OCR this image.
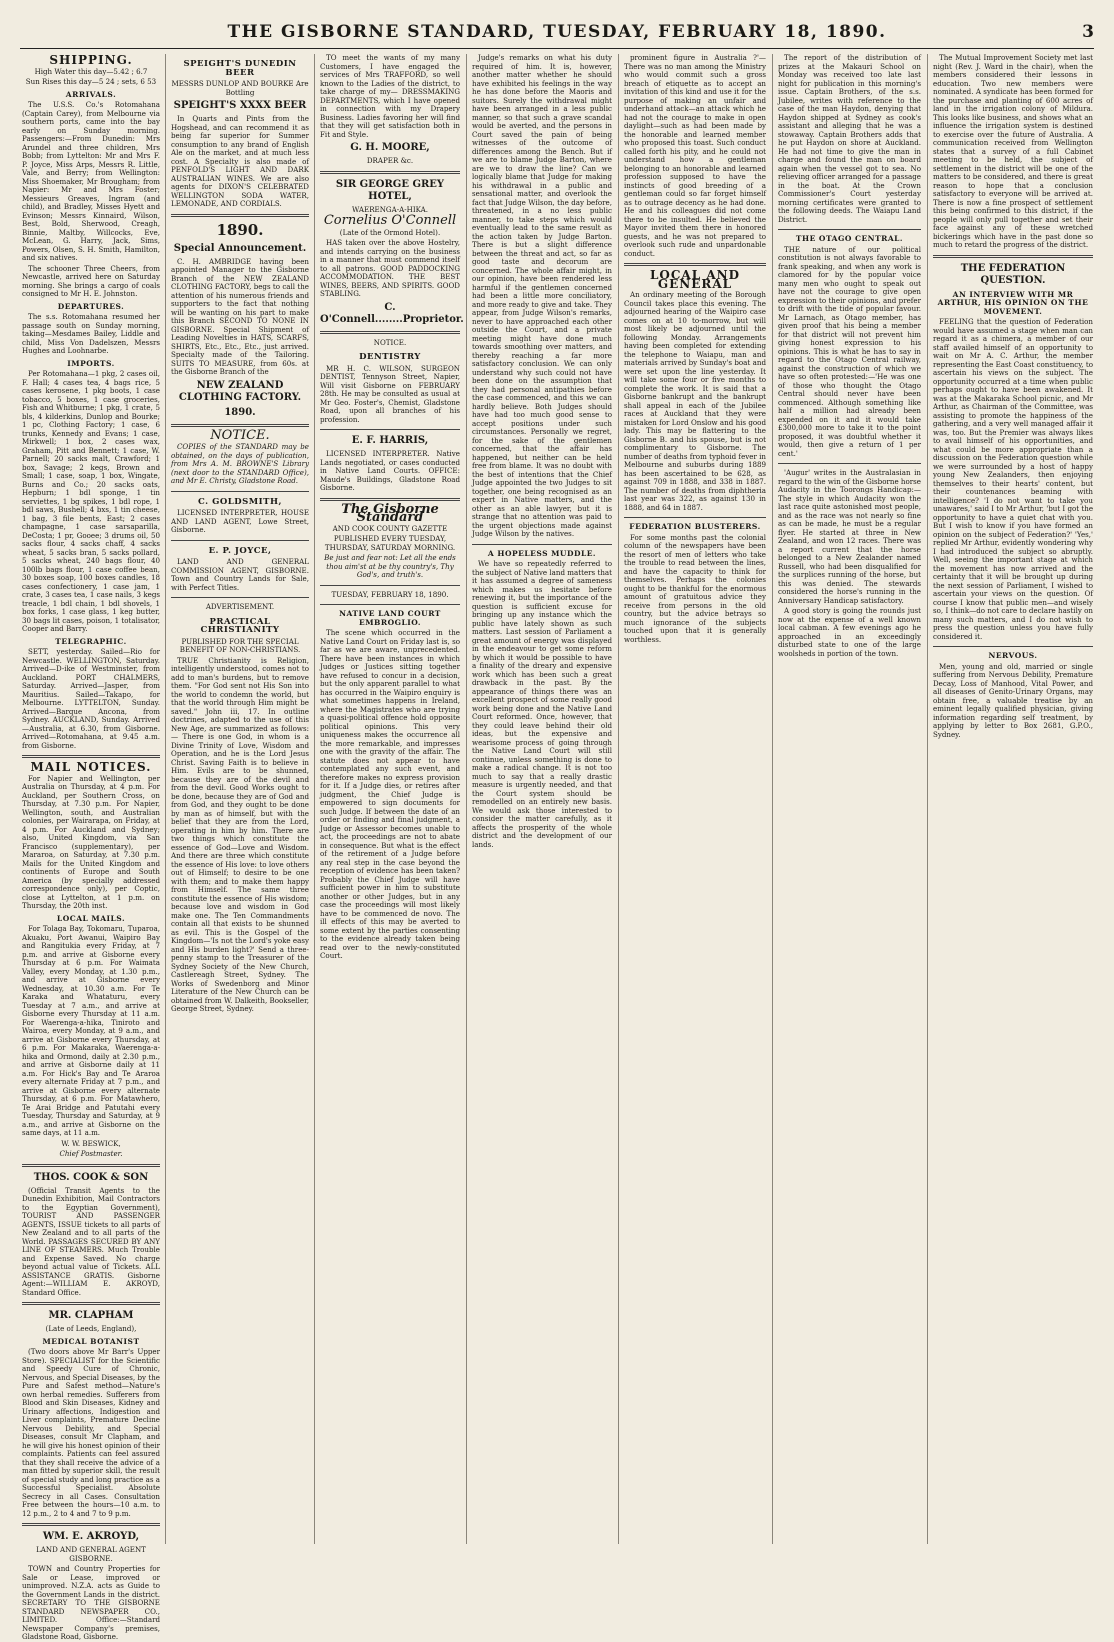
THE GISBORNE STANDARD, TUESDAY, FEBRUARY 18, 1890.	3
SHIPPING.

High Water this day—5.42 ; 6.7

Sun Rises this day—5 24 ; sets, 6 53

ARRIVALS.

The U.S.S. Co.'s Rotomahana (Captain Carey), from Melbourne via southern ports, came into the bay early on Sunday morning. Passengers:—From Dunedin: Mrs Arundel and three children, Mrs Bobb; from Lyttelton: Mr and Mrs F. P. Joyce, Miss Arps, Messrs R. Little, Vale, and Berry; from Wellington: Miss Shoemaker, Mr Brougham; from Napier: Mr and Mrs Foster; Messieurs Greaves, Ingram (and child), and Bradley, Misses Hyett and Evinson; Messrs Kinnaird, Wilson, Best, Bold, Sherwood, Creagh, Binnie, Maltby, Willcocks, Eve, McLean, G. Harry, Jack, Sims, Powers, Olsen, S. H. Smith, Hamilton, and six natives.

The schooner Three Cheers, from Newcastle, arrived here on Saturday morning. She brings a cargo of coals consigned to Mr H. E. Johnston.

DEPARTURES.

The s.s. Rotomahana resumed her passage south on Sunday morning, taking—Mesdames Bailey, Liddle and child, Miss Von Dadelszen, Messrs Hughes and Loohnarbe.

IMPORTS.

Per Rotomahana—1 pkg, 2 cases oil, F. Hall; 4 cases tea, 4 bags rice, 5 cases kerosene, 1 pkg boots, 1 case tobacco, 5 boxes, 1 case groceries, Fish and Whitburne; 1 pkg, 1 crate, 5 bls, 4 kilderkins, Dunlop and Bourke; 1 pc, Clothing Factory; 1 case, 6 trunks, Kennedy and Evans; 1 case, Mirkwell; 1 box, 2 cases wax, Graham, Pitt and Bennett; 1 case, W. Parnell; 20 sacks malt, Crawford; 1 box, Savage; 2 kegs, Brown and Small; 1 case, soap, 1 box, Wingate, Burns and Co.; 20 sacks oats, Hepburn; 1 bdl sponge, 1 tin serviettes, 1 bg spikes, 1 bdl rope, 1 bdl saws, Bushell; 4 bxs, 1 tin cheese, 1 bag, 3 file bents, East; 2 cases champagne, 1 case sarsaparilla, DeCosta; 1 pr, Gooee; 3 drums oil, 50 sacks flour, 4 sacks chaff, 4 sacks wheat, 5 sacks bran, 5 sacks pollard, 5 sacks wheat, 240 bags flour, 40 100lb bags flour, 1 case coffee bean, 30 boxes soap, 100 boxes candles, 18 cases confectionery, 1 case jam, 1 crate, 3 cases tea, 1 case nails, 3 kegs treacle, 1 bdl chain, 1 bdl shovels, 1 box forks, 1 case glass, 1 keg butter, 30 bags lit cases, poison, 1 totalisator, Cooper and Barry.

TELEGRAPHIC.

SETT, yesterday. Sailed—Rio for Newcastle. WELLINGTON, Saturday. Arrived—D-ike of Westminster, from Auckland. PORT CHALMERS, Saturday. Arrived—Jasper, from Mauritius. Sailed—Takapo, for Melbourne. LYTTELTON, Sunday. Arrived—Barque Ancona, from Sydney. AUCKLAND, Sunday. Arrived—Australia, at 6.30, from Gisborne. Arrived—Rotomahana, at 9.45 a.m. from Gisborne.

MAIL NOTICES.

For Napier and Wellington, per Australia on Thursday, at 4 p.m. For Auckland, per Southern Cross, on Thursday, at 7.30 p.m. For Napier, Wellington, south, and Australian colonies, per Wairarapa, on Friday, at 4 p.m. For Auckland and Sydney; also, United Kingdom, via San Francisco (supplementary), per Mararoa, on Saturday, at 7.30 p.m. Mails for the United Kingdom and continents of Europe and South America (by specially addressed correspondence only), per Coptic, close at Lyttelton, at 1 p.m. on Thursday, the 20th inst.

LOCAL MAILS.

For Tolaga Bay, Tokomaru, Tuparoa, Akuaku, Port Awanui, Waipiro Bay and Rangitukia every Friday, at 7 p.m. and arrive at Gisborne every Thursday at 6 p.m. For Waimata Valley, every Monday, at 1.30 p.m., and arrive at Gisborne every Wednesday, at 10.30 a.m. For Te Karaka and Whataturu, every Tuesday at 7 a.m., and arrive at Gisborne every Thursday at 11 a.m. For Waerenga-a-hika, Tiniroto and Wairoa, every Monday, at 9 a.m., and arrive at Gisborne every Thursday, at 6 p.m. For Makaraka, Waerenga-a-hika and Ormond, daily at 2.30 p.m., and arrive at Gisborne daily at 11 a.m. For Hick's Bay and Te Araroa every alternate Friday at 7 p.m., and arrive at Gisborne every alternate Thursday, at 6 p.m. For Matawhero, Te Arai Bridge and Patutahi every Tuesday, Thursday and Saturday, at 9 a.m., and arrive at Gisborne on the same days, at 11 a.m.

W. W. BESWICK,

Chief Postmaster.

THOS. COOK & SON

(Official Transit Agents to the Dunedin Exhibition, Mail Contractors to the Egyptian Government), TOURIST AND PASSENGER AGENTS, ISSUE tickets to all parts of New Zealand and to all parts of the World. PASSAGES SECURED BY ANY LINE OF STEAMERS. Much Trouble and Expense Saved. No charge beyond actual value of Tickets. ALL ASSISTANCE GRATIS. Gisborne Agent:—WILLIAM E. AKROYD, Standard Office.

MR. CLAPHAM

(Late of Leeds, England),

MEDICAL BOTANIST

(Two doors above Mr Barr's Upper Store). SPECIALIST for the Scientific and Speedy Cure of Chronic, Nervous, and Special Diseases, by the Pure and Safest method—Nature's own herbal remedies. Sufferers from Blood and Skin Diseases, Kidney and Urinary affections, Indigestion and Liver complaints, Premature Decline Nervous Debility, and Special Diseases, consult Mr Clapham, and he will give his honest opinion of their complaints. Patients can feel assured that they shall receive the advice of a man fitted by superior skill, the result of special study and long practice as a Successful Specialist. Absolute Secrecy in all Cases. Consultation Free between the hours—10 a.m. to 12 p.m., 2 to 4 and 7 to 9 p.m.

WM. E. AKROYD,

LAND AND GENERAL AGENT GISBORNE.

TOWN and Country Properties for Sale or Lease, improved or unimproved. N.Z.A. acts as Guide to the Government Lands in the district. SECRETARY TO THE GISBORNE STANDARD NEWSPAPER CO., LIMITED. Office:—Standard Newspaper Company's premises, Gladstone Road, Gisborne.

SPEIGHT'S DUNEDIN BEER

MESSRS DUNLOP AND BOURKE Are Bottling

SPEIGHT'S XXXX BEER

In Quarts and Pints from the Hogshead, and can recommend it as being far superior for Summer consumption to any brand of English Ale on the market, and at much less cost. A Specialty is also made of PENFOLD'S LIGHT AND DARK AUSTRALIAN WINES. We are also agents for DIXON'S CELEBRATED WELLINGTON SODA WATER, LEMONADE, AND CORDIALS.

1890.
Special Announcement.

C. H. AMBRIDGE having been appointed Manager to the Gisborne Branch of the NEW ZEALAND CLOTHING FACTORY, begs to call the attention of his numerous friends and supporters to the fact that nothing will be wanting on his part to make this Branch SECOND TO NONE IN GISBORNE. Special Shipment of Leading Novelties in HATS, SCARFS, SHIRTS, Etc., Etc., Etc., just arrived. Specialty made of the Tailoring. SUITS TO MEASURE, from 60s. at the Gisborne Branch of the

NEW ZEALAND CLOTHING FACTORY.
1890.
NOTICE.

COPIES of the STANDARD may be obtained, on the days of publication, from Mrs A. M. BROWNE'S Library (next door to the STANDARD Office), and Mr E. Christy, Gladstone Road.

C. GOLDSMITH,

LICENSED INTERPRETER, HOUSE AND LAND AGENT, Lowe Street, Gisborne.

E. P. JOYCE,

LAND AND GENERAL COMMISSION AGENT, GISBORNE. Town and Country Lands for Sale, with Perfect Titles.

ADVERTISEMENT.

PRACTICAL CHRISTIANITY

PUBLISHED FOR THE SPECIAL BENEFIT OF NON-CHRISTIANS.

TRUE Christianity is Religion, intelligently understood, comes not to add to man's burdens, but to remove them. "For God sent not His Son into the world to condemn the world, but that the world through Him might be saved." John iii, 17. In outline doctrines, adapted to the use of this New Age, are summarized as follows:— There is one God, in whom is a Divine Trinity of Love, Wisdom and Operation, and he is the Lord Jesus Christ. Saving Faith is to believe in Him. Evils are to be shunned, because they are of the devil and from the devil. Good Works ought to be done, because they are of God and from God, and they ought to be done by man as of himself, but with the belief that they are from the Lord, operating in him by him. There are two things which constitute the essence of God—Love and Wisdom. And there are three which constitute the essence of His love: to love others out of Himself; to desire to be one with them; and to make them happy from Himself. The same three constitute the essence of His wisdom; because love and wisdom in God make one. The Ten Commandments contain all that exists to be shunned as evil. This is the Gospel of the Kingdom—'Is not the Lord's yoke easy and His burden light?' Send a three-penny stamp to the Treasurer of the Sydney Society of the New Church, Castlereagh Street, Sydney. The Works of Swedenborg and Minor Literature of the New Church can be obtained from W. Dalkeith, Bookseller, George Street, Sydney.

TO meet the wants of my many Customers, I have engaged the services of Mrs TRAFFORD, so well known to the Ladies of the district, to take charge of my— DRESSMAKING DEPARTMENTS, which I have opened in connection with my Drapery Business. Ladies favoring her will find that they will get satisfaction both in Fit and Style.

G. H. MOORE,

DRAPER &c.

SIR GEORGE GREY HOTEL,

WAERENGA-A-HIKA.

Cornelius O'Connell

(Late of the Ormond Hotel).

HAS taken over the above Hostelry, and intends carrying on the business in a manner that must commend itself to all patrons. GOOD PADDOCKING ACCOMMODATION. THE BEST WINES, BEERS, AND SPIRITS. GOOD STABLING.

C. O'Connell........Proprietor.

NOTICE.

DENTISTRY

MR H. C. WILSON, SURGEON DENTIST, Tennyson Street, Napier, Will visit Gisborne on FEBRUARY 28th. He may be consulted as usual at Mr Geo. Foster's, Chemist, Gladstone Road, upon all branches of his profession.

E. F. HARRIS,

LICENSED INTERPRETER. Native Lands negotiated, or cases conducted in Native Land Courts. OFFICE: Maude's Buildings, Gladstone Road Gisborne.

The Gisborne Standard

AND COOK COUNTY GAZETTE

PUBLISHED EVERY TUESDAY, THURSDAY, SATURDAY MORNING.

Be just and fear not: Let all the ends thou aim'st at be thy country's, Thy God's, and truth's.

TUESDAY, FEBRUARY 18, 1890.

NATIVE LAND COURT EMBROGLIO.

The scene which occurred in the Native Land Court on Friday last is, so far as we are aware, unprecedented. There have been instances in which Judges or Justices sitting together have refused to concur in a decision, but the only apparent parallel to what has occurred in the Waipiro enquiry is what sometimes happens in Ireland, where the Magistrates who are trying a quasi-political offence hold opposite political opinions. This very uniqueness makes the occurrence all the more remarkable, and impresses one with the gravity of the affair. The statute does not appear to have contemplated any such event, and therefore makes no express provision for it. If a Judge dies, or retires after judgment, the Chief Judge is empowered to sign documents for such Judge. If between the date of an order or finding and final judgment, a Judge or Assessor becomes unable to act, the proceedings are not to abate in consequence. But what is the effect of the retirement of a Judge before any real step in the case beyond the reception of evidence has been taken? Probably the Chief Judge will have sufficient power in him to substitute another or other Judges, but in any case the proceedings will most likely have to be commenced de novo. The ill effects of this may be averted to some extent by the parties consenting to the evidence already taken being read over to the newly-constituted Court.

Judge's remarks on what his duty required of him. It is, however, another matter whether he should have exhibited his feelings in the way he has done before the Maoris and suitors. Surely the withdrawal might have been arranged in a less public manner, so that such a grave scandal would be averted, and the persons in Court saved the pain of being witnesses of the outcome of differences among the Bench. But if we are to blame Judge Barton, where are we to draw the line? Can we logically blame that Judge for making his withdrawal in a public and sensational matter, and overlook the fact that Judge Wilson, the day before, threatened, in a no less public manner, to take steps which would eventually lead to the same result as the action taken by Judge Barton. There is but a slight difference between the threat and act, so far as good taste and decorum are concerned. The whole affair might, in our opinion, have been rendered less harmful if the gentlemen concerned had been a little more conciliatory, and more ready to give and take. They appear, from Judge Wilson's remarks, never to have approached each other outside the Court, and a private meeting might have done much towards smoothing over matters, and thereby reaching a far more satisfactory conclusion. We can only understand why such could not have been done on the assumption that they had personal antipathies before the case commenced, and this we can hardly believe. Both Judges should have had too much good sense to accept positions under such circumstances. Personally we regret, for the sake of the gentlemen concerned, that the affair has happened, but neither can be held free from blame. It was no doubt with the best of intentions that the Chief Judge appointed the two Judges to sit together, one being recognised as an expert in Native matters, and the other as an able lawyer, but it is strange that no attention was paid to the urgent objections made against Judge Wilson by the natives.

A HOPELESS MUDDLE.

We have so repeatedly referred to the subject of Native land matters that it has assumed a degree of sameness which makes us hesitate before renewing it, but the importance of the question is sufficient excuse for bringing up any instance which the public have lately shown as such matters. Last session of Parliament a great amount of energy was displayed in the endeavour to get some reform by which it would be possible to have a finality of the dreary and expensive work which has been such a great drawback in the past. By the appearance of things there was an excellent prospect of some really good work being done and the Native Land Court reformed. Once, however, that they could leave behind their old ideas, but the expensive and wearisome process of going through the Native Land Court will still continue, unless something is done to make a radical change. It is not too much to say that a really drastic measure is urgently needed, and that the Court system should be remodelled on an entirely new basis. We would ask those interested to consider the matter carefully, as it affects the prosperity of the whole district and the development of our lands.

prominent figure in Australia ?'—There was no man among the Ministry who would commit such a gross breach of etiquette as to accept an invitation of this kind and use it for the purpose of making an unfair and underhand attack—an attack which he had not the courage to make in open daylight—such as had been made by the honorable and learned member who proposed this toast. Such conduct called forth his pity, and he could not understand how a gentleman belonging to an honorable and learned profession supposed to have the instincts of good breeding of a gentleman could so far forget himself as to outrage decency as he had done. He and his colleagues did not come there to be insulted. He believed the Mayor invited them there in honored guests, and he was not prepared to overlook such rude and unpardonable conduct.

LOCAL AND GENERAL

An ordinary meeting of the Borough Council takes place this evening. The adjourned hearing of the Waipiro case comes on at 10 to-morrow, but will most likely be adjourned until the following Monday. Arrangements having been completed for extending the telephone to Waiapu, man and materials arrived by Sunday's boat and were set upon the line yesterday. It will take some four or five months to complete the work. It is said that a Gisborne bankrupt and the bankrupt shall appeal in each of the Jubilee races at Auckland that they were mistaken for Lord Onslow and his good lady. This may be flattering to the Gisborne B. and his spouse, but is not complimentary to Gisborne. The number of deaths from typhoid fever in Melbourne and suburbs during 1889 has been ascertained to be 628, as against 709 in 1888, and 338 in 1887. The number of deaths from diphtheria last year was 322, as against 130 in 1888, and 64 in 1887.

FEDERATION BLUSTERERS.

For some months past the colonial column of the newspapers have been the resort of men of letters who take the trouble to read between the lines, and have the capacity to think for themselves. Perhaps the colonies ought to be thankful for the enormous amount of gratuitous advice they receive from persons in the old country, but the advice betrays so much ignorance of the subjects touched upon that it is generally worthless.

The report of the distribution of prizes at the Makauri School on Monday was received too late last night for publication in this morning's issue. Captain Brothers, of the s.s. Jubilee, writes with reference to the case of the man Haydon, denying that Haydon shipped at Sydney as cook's assistant and alleging that he was a stowaway. Captain Brothers adds that he put Haydon on shore at Auckland. He had not time to give the man in charge and found the man on board again when the vessel got to sea. No relieving officer arranged for a passage in the boat. At the Crown Commissioner's Court yesterday morning certificates were granted to the following deeds. The Waiapu Land District.

THE OTAGO CENTRAL.

THE nature of our political constitution is not always favorable to frank speaking, and when any work is clamored for by the popular voice many men who ought to speak out have not the courage to give open expression to their opinions, and prefer to drift with the tide of popular favour. Mr Larnach, as Otago member, has given proof that his being a member for that district will not prevent him giving honest expression to his opinions. This is what he has to say in regard to the Otago Central railway, against the construction of which we have so often protested:—'He was one of those who thought the Otago Central should never have been commenced. Although something like half a million had already been expended on it and it would take £300,000 more to take it to the point proposed, it was doubtful whether it would, then give a return of 1 per cent.'

'Augur' writes in the Australasian in regard to the win of the Gisborne horse Audacity in the Toorongs Handicap:—The style in which Audacity won the last race quite astonished most people, and as the race was not nearly so fine as can be made, he must be a regular flyer. He started at three in New Zealand, and won 12 races. There was a report current that the horse belonged to a New Zealander named Russell, who had been disqualified for the surplices running of the horse, but this was denied. The stewards considered the horse's running in the Anniversary Handicap satisfactory.

A good story is going the rounds just now at the expense of a well known local cabman. A few evenings ago he approached in an exceedingly disturbed state to one of the large woolsheds in portion of the town.

The Mutual Improvement Society met last night (Rev. J. Ward in the chair), when the members considered their lessons in education. Two new members were nominated. A syndicate has been formed for the purchase and planting of 600 acres of land in the irrigation colony of Mildura. This looks like business, and shows what an influence the irrigation system is destined to exercise over the future of Australia. A communication received from Wellington states that a survey of a full Cabinet meeting to be held, the subject of settlement in the district will be one of the matters to be considered, and there is great reason to hope that a conclusion satisfactory to everyone will be arrived at. There is now a fine prospect of settlement this being confirmed to this district, if the people will only pull together and set their face against any of these wretched bickerings which have in the past done so much to retard the progress of the district.

THE FEDERATION QUESTION.
AN INTERVIEW WITH MR ARTHUR, HIS OPINION ON THE MOVEMENT.

FEELING that the question of Federation would have assumed a stage when man can regard it as a chimera, a member of our staff availed himself of an opportunity to wait on Mr A. C. Arthur, the member representing the East Coast constituency, to ascertain his views on the subject. The opportunity occurred at a time when public perhaps ought to have been awakened. It was at the Makaraka School picnic, and Mr Arthur, as Chairman of the Committee, was assisting to promote the happiness of the gathering, and a very well managed affair it was, too. But the Premier was always likes to avail himself of his opportunities, and what could be more appropriate than a discussion on the Federation question while we were surrounded by a host of happy young New Zealanders, then enjoying themselves to their hearts' content, but their countenances beaming with intelligence? 'I do not want to take you unawares,' said I to Mr Arthur, 'but I got the opportunity to have a quiet chat with you. But I wish to know if you have formed an opinion on the subject of Federation?' 'Yes,' replied Mr Arthur, evidently wondering why I had introduced the subject so abruptly. Well, seeing the important stage at which the movement has now arrived and the certainty that it will be brought up during the next session of Parliament, I wished to ascertain your views on the question. Of course I know that public men—and wisely so, I think—do not care to declare hastily on many such matters, and I do not wish to press the question unless you have fully considered it.

NERVOUS.

Men, young and old, married or single suffering from Nervous Debility, Premature Decay, Loss of Manhood, Vital Power, and all diseases of Genito-Urinary Organs, may obtain free, a valuable treatise by an eminent legally qualified physician, giving information regarding self treatment, by applying by letter to Box 2681, G.P.O., Sydney.
